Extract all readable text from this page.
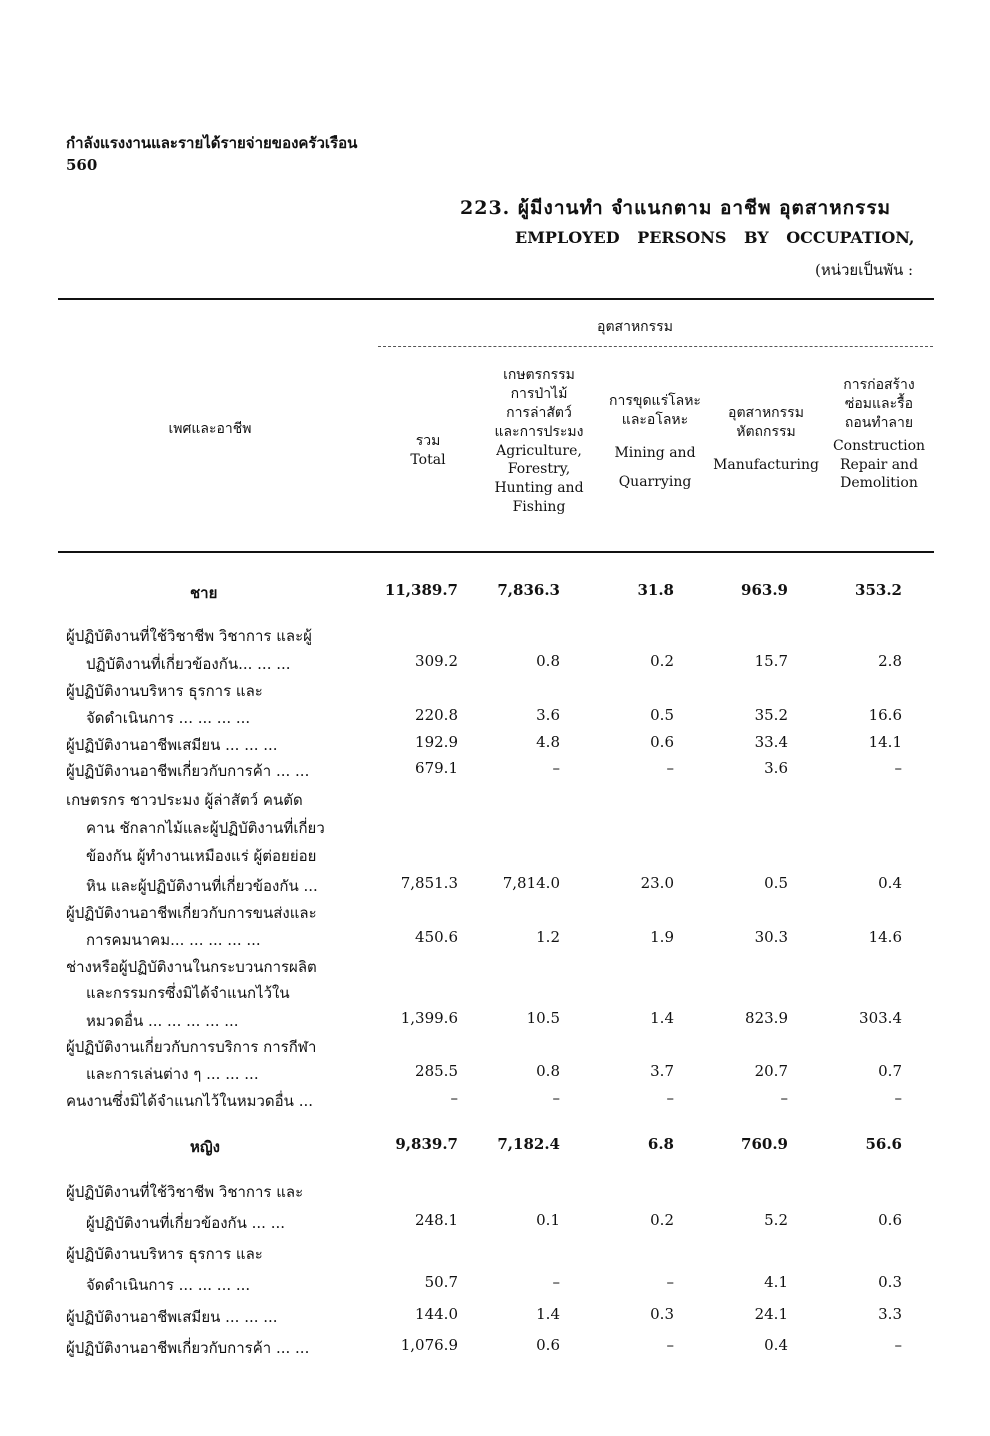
กำลังแรงงานและรายได้รายจ่ายของครัวเรือน
560
223. ผู้มีงานทำ จำแนกตาม อาชีพ อุตสาหกรรม
EMPLOYED PERSONS BY OCCUPATION,
(หน่วยเป็นพัน :
อุตสาหกรรม
เพศและอาชีพ
รวม
Total
เกษตรกรรม
การป่าไม้
การล่าสัตว์
และการประมง
Agriculture,
Forestry,
Hunting and
Fishing
การขุดแร่โลหะ
และอโลหะ
Mining and
Quarrying
อุตสาหกรรม
หัตถกรรม
Manufacturing
การก่อสร้าง
ซ่อมและรื้อ
ถอนทำลาย
Construction
Repair and
Demolition
ชาย	11,389.7	7,836.3	31.8	963.9	353.2
ผู้ปฏิบัติงานที่ใช้วิชาชีพ วิชาการ และผู้
ปฏิบัติงานที่เกี่ยวข้องกัน... ... ...	309.2	0.8	0.2	15.7	2.8
ผู้ปฏิบัติงานบริหาร ธุรการ และ
จัดดำเนินการ ... ... ... ...	220.8	3.6	0.5	35.2	16.6
ผู้ปฏิบัติงานอาชีพเสมียน ... ... ...	192.9	4.8	0.6	33.4	14.1
ผู้ปฏิบัติงานอาชีพเกี่ยวกับการค้า ... ...	679.1	–	–	3.6	–
เกษตรกร ชาวประมง ผู้ล่าสัตว์ คนตัด
คาน ชักลากไม้และผู้ปฏิบัติงานที่เกี่ยว
ข้องกัน ผู้ทำงานเหมืองแร่ ผู้ต่อยย่อย
หิน และผู้ปฏิบัติงานที่เกี่ยวข้องกัน ...	7,851.3	7,814.0	23.0	0.5	0.4
ผู้ปฏิบัติงานอาชีพเกี่ยวกับการขนส่งและ
การคมนาคม... ... ... ... ...	450.6	1.2	1.9	30.3	14.6
ช่างหรือผู้ปฏิบัติงานในกระบวนการผลิต
และกรรมกรซึ่งมิได้จำแนกไว้ใน
หมวดอื่น ... ... ... ... ...	1,399.6	10.5	1.4	823.9	303.4
ผู้ปฏิบัติงานเกี่ยวกับการบริการ การกีฬา
และการเล่นต่าง ๆ ... ... ...	285.5	0.8	3.7	20.7	0.7
คนงานซึ่งมิได้จำแนกไว้ในหมวดอื่น ...	–	–	–	–	–
หญิง	9,839.7	7,182.4	6.8	760.9	56.6
ผู้ปฏิบัติงานที่ใช้วิชาชีพ วิชาการ และ
ผู้ปฏิบัติงานที่เกี่ยวข้องกัน ... ...	248.1	0.1	0.2	5.2	0.6
ผู้ปฏิบัติงานบริหาร ธุรการ และ
จัดดำเนินการ ... ... ... ...	50.7	–	–	4.1	0.3
ผู้ปฏิบัติงานอาชีพเสมียน ... ... ...	144.0	1.4	0.3	24.1	3.3
ผู้ปฏิบัติงานอาชีพเกี่ยวกับการค้า ... ...	1,076.9	0.6	–	0.4	–
